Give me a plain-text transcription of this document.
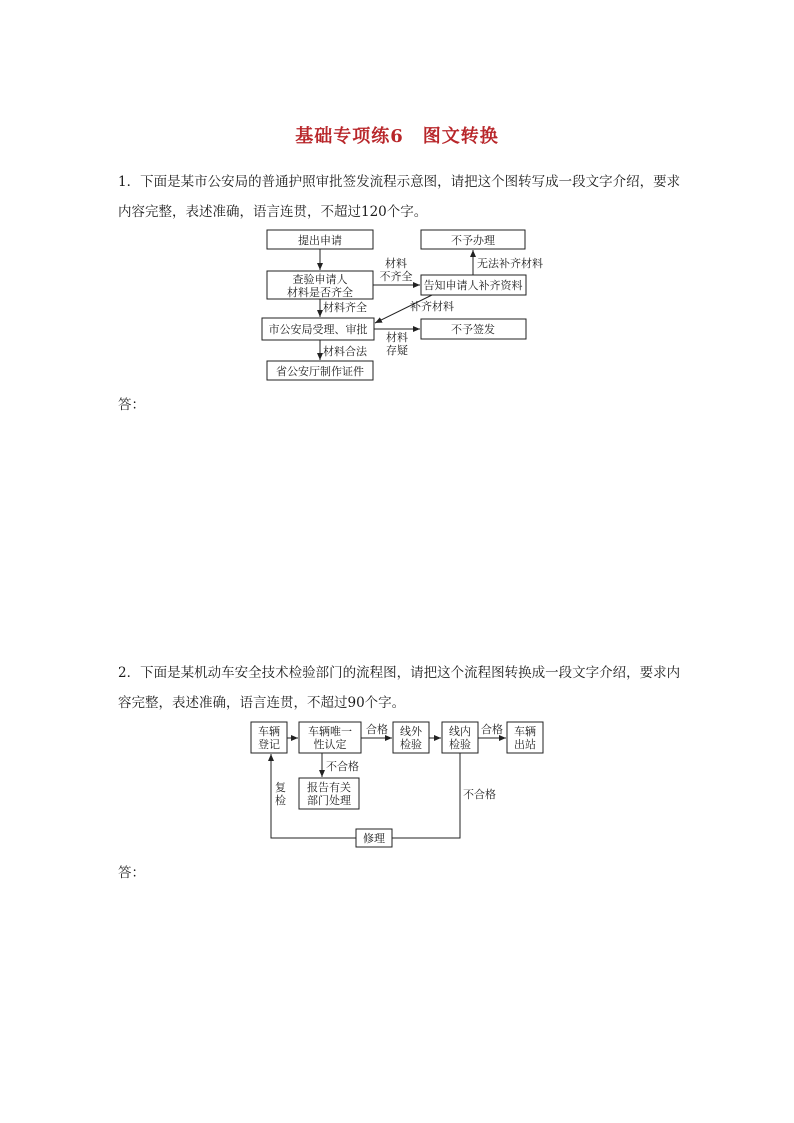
基础专项练6　图文转换
1．下面是某市公安局的普通护照审批签发流程示意图，请把这个图转写成一段文字介绍，要求内容完整，表述准确，语言连贯，不超过120个字。
提出申请
查验申请人
材料是否齐全
市公安局受理、审批
省公安厅制作证件
告知申请人补齐资料
不予办理
不予签发
材料
不齐全
材料齐全
材料合法
无法补齐材料
补齐材料
材料
存疑
车辆
登记
车辆唯一
性认定
线外
检验
线内
检验
车辆
出站
报告有关
部门处理
修理
合格	合格
不合格
不合格
复
检
答：
2．下面是某机动车安全技术检验部门的流程图，请把这个流程图转换成一段文字介绍，要求内容完整，表述准确，语言连贯，不超过90个字。
答：
